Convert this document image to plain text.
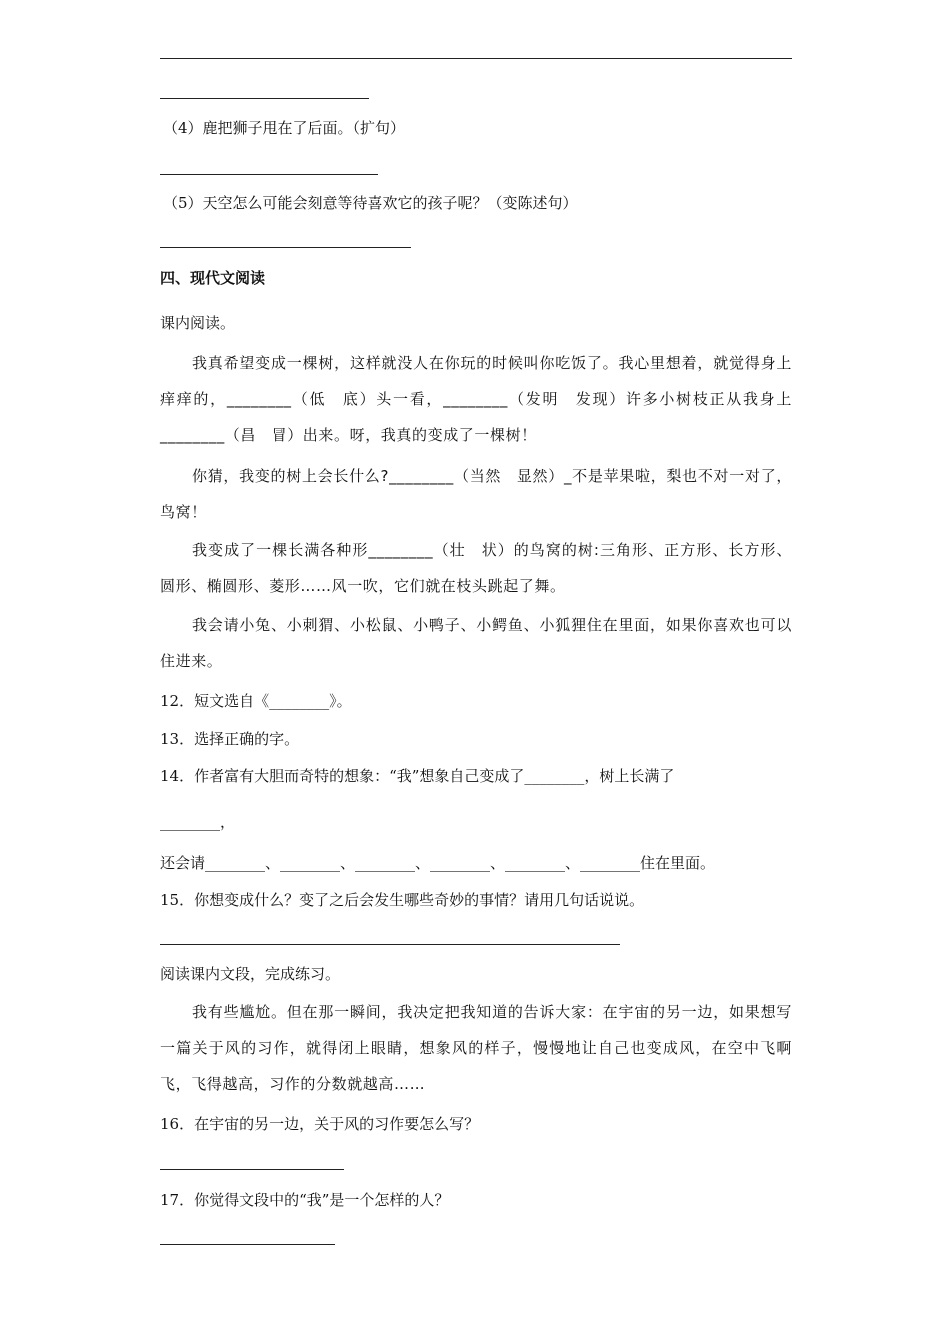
（4）鹿把狮子甩在了后面。（扩句）
（5）天空怎么可能会刻意等待喜欢它的孩子呢？（变陈述句）
四、现代文阅读
课内阅读。

我真希望变成一棵树，这样就没人在你玩的时候叫你吃饭了。我心里想着，就觉得身上痒痒的，________（低　底）头一看，________（发明　发现）许多小树枝正从我身上________（昌　冒）出来。呀，我真的变成了一棵树！

你猜，我变的树上会长什么?________（当然　显然）_不是苹果啦，梨也不对一对了，鸟窝！

我变成了一棵长满各种形________（壮　状）的鸟窝的树:三角形、正方形、长方形、圆形、椭圆形、菱形……风一吹，它们就在枝头跳起了舞。

我会请小兔、小刺猬、小松鼠、小鸭子、小鳄鱼、小狐狸住在里面，如果你喜欢也可以住进来。

12．短文选自《________》。
13．选择正确的字。
14．作者富有大胆而奇特的想象：“我”想象自己变成了________，树上长满了
________，
还会请________、________、________、________、________、________住在里面。
15．你想变成什么？变了之后会发生哪些奇妙的事情？请用几句话说说。
阅读课内文段，完成练习。

我有些尴尬。但在那一瞬间，我决定把我知道的告诉大家：在宇宙的另一边，如果想写一篇关于风的习作，就得闭上眼睛，想象风的样子，慢慢地让自己也变成风，在空中飞啊飞，飞得越高，习作的分数就越高……

16．在宇宙的另一边，关于风的习作要怎么写？
17．你觉得文段中的“我”是一个怎样的人？
